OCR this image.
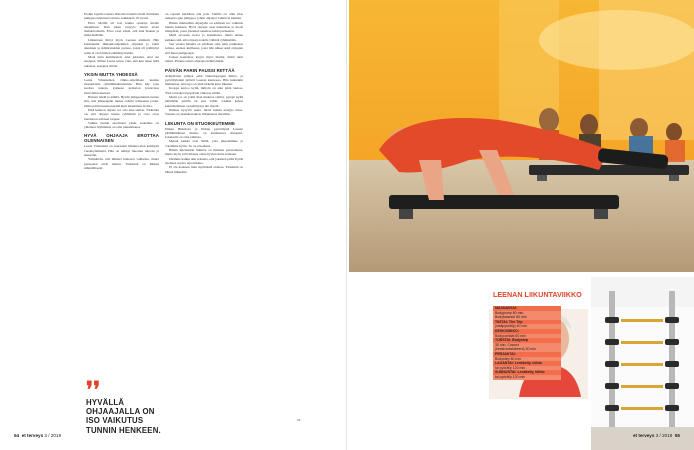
Elokin lopulla tanssia läsnoista baletita tham rittitäsien jumppaa käyntteen ohessa, kaikkiaan 19 vuotta.

Elwa Mollin oli tosi trakka opettaja meille alkanilleen. Kun jokin vanyyta tuntui aivan mahdottomalta, Elwa vaan toinsi, että sinä maksat ja minä määrään.

Liikuntaan liittyi myös Leenan ammatti. Hän koulutautui liikkuntoohjelmien ohjaaksi ja toimi aikuisten ja ikääntyneiden parissa, joista oli päättynyt sama ei vaan hänen elämäntyössään.

Moni tuttu kummasteli, ettei jaksanut, ettei ole energiaa. Siihen Leena sanoo vain, että kun tekee mitä rakastaa, energiaa riittää.

YKSIN MUTTA YHDESSÄ

Leena Viitaniemen viikko-ohjelmaan kuuluu monenlaisia ryhmäliikuntatunteja. Hän käy jopa suoltaa tunteja, sykkeen kohtalon nostavissa intervallitreeneissä.

Haluan tehdä ja nähdä. Hyvän jumppatunnin tuntua sitä, että jälkeenpäin tuntee todella tehneensä jotain. Omia päiviä kunnossapidä kuin tekeminen lavalla.

Eikä kunnon ohjaus voi olla aina samaa. Tärkeintä on, että ohjaaja tuntee ryhmänsä ja osaa ottaa huomioon erilaiset tarpeet.

Vaikka tunnin suorittaisi yksin, kokemus on yhteinen. Ryhmässä on oma tunnelmansa.

HYVÄ OHJAAJA EROTTAA OLENNAISEN

Leena Viitaniemi on seuraanut liikunta-alan kehitystä vuosikymmeniä. Hän on nähnyt muotien tulevan ja menevän.

Ymmärrän, että ihmiset haluavat vaihtelua, mutta perusasiat eivät muutu. Tärkeintä on liikkua säännöllisesti.

❜❜
HYVÄLLÄ OHJAAJALLA ON ISO VAIKUTUS TUNNIN HENKEEN.

on sopeutt heidättaa alla pois. Vallilla on ollut tilaa tunnetaa ajan jumppaa, johtin ohjaajat vaihtuvat hieman.

Hänen mielestään ohjaajalla on edelleen iso vaikutus tunnin henkeen. Hyvä ohjaaja osaa kannustaa ja luoda ilmapiirin, jossa jokainen uskaltaa tehdä parhaansa.

Minä arvostan tietoa ja kokemusta, mutta ennen kaikkea sitä, että ohjaaja todella välittää ryhmästään.

Sen vuoksi hänellä on edelleen oma tuttu paikkansa salissa, eteisen kulmassa, josta hän näkee sekä ohjaajan että muut jumppaajat.

Joskus kannattaa kysyä myös muilta, miltä tunti tuntui. Palaute auttaa ohjaajaa kehittymään.

PÄIVÄN PARIN PAUSSI RIITTÄÄ

Arkipäivien jumpat sekä viikonloppujen hiihto- ja pyöräilylenkit pitävät Leenan kunnossa. Hän kuitenkin muistuttaa, että lepo on yhtä tärkeää kuin liikunta.

Kroppa kertoo kyllä, milloin on aika pitää taukoa. Yksi tai kaksi lepopäivää viikossa riittää.

Mutta jos on jokin ihan mukava rutiini, pystyn kyllä jättämään päivän tai pari väliin. Lisäksi kehon kuunteleminen on kehittynyt iän myötä.

Ihmiset kysyvät usein, mistä kaikki energia tulee. Vastaus on yksinkertainen: liikunnasta itsestään.

LIIKUNTA ON ETUOIKEUTEMME

Pirkan Hiihdosta ja Pirkan pyöräilystä Leenan päällimmäinen muisto on kannustava ilmapiiri. Jokaisella on oma tahtinsa.

Meistä kaikki ovat täällä, jotta jaksaisimme ja voisimme hyvin. Se on etuoikeus.

Hänen mielestään liikunta on ihmisen perusoikeus, mutta myös velvollisuus omaa hyvinvointia kohtaan.

Olemme kaikki niin erilaisia, että jokaisen pitää löytää itselleen sopiva tapa liikkua.

Ei ole koskaan liian myöhäistä aloittaa. Tärkeintä on lähteä liikkeelle.

54 et terveys 3 / 2019
29
LEENAN LIIKUNTAVIIKKO
MAANANTAI:
Bodypump 60 min,
Bodybalance 60 min
TIISTAI: The Trip
(sisäpyöräily) 40 min
KESKIVIIKKO:
Bodycombat 60 min
TORSTAI: Bodystep
30 min, Cxworx
(keskivartalotreeni) 30 min
PERJANTAI:
Bodystep 60 min
LAUANTAI: Lenkkeily, hiihto
tai pyöräily 120 min
SUNNUNTAI: Lenkkeily, hiihto
tai pyöräily 120 min
et terveys 3 / 2019 55
